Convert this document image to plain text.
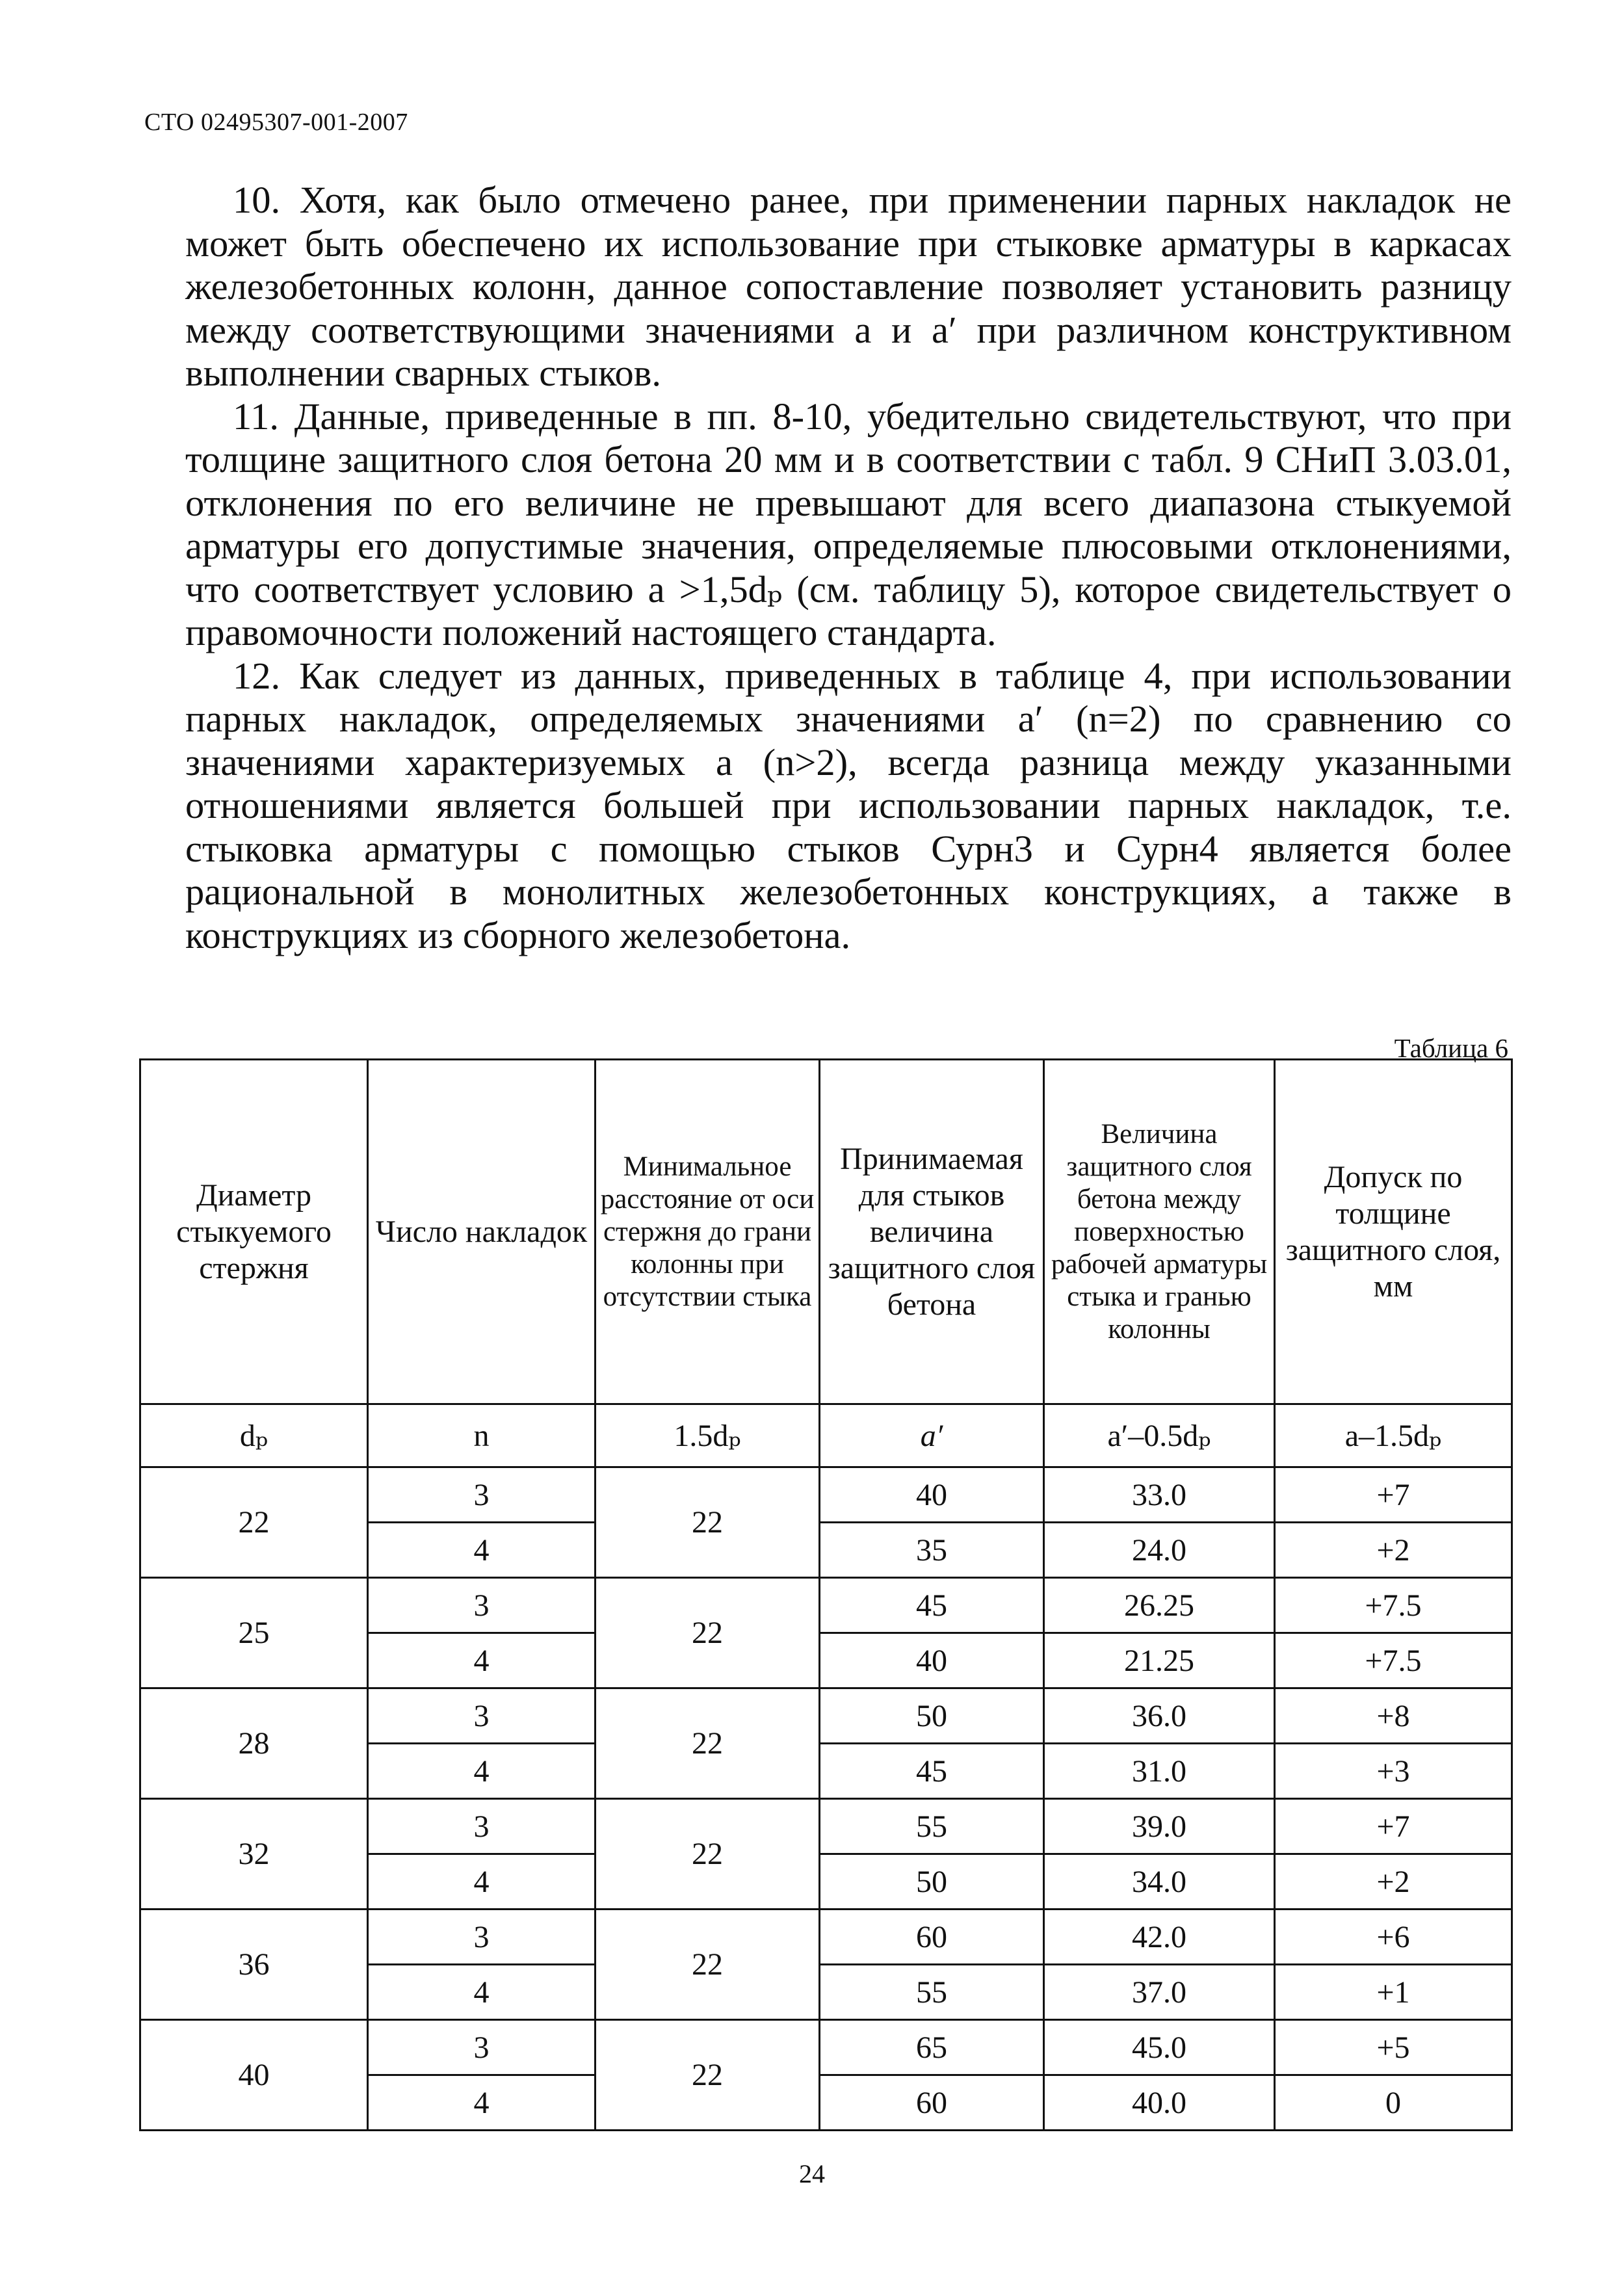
СТО 02495307-001-2007

10. Хотя, как было отмечено ранее, при применении парных накладок не может быть обеспечено их использование при стыковке арматуры в каркасах железобетонных колонн, данное сопоставление позволяет установить разницу между соответствующими значениями a и a′ при различном конструктивном выполнении сварных стыков.

11. Данные, приведенные в пп. 8-10, убедительно свидетельствуют, что при толщине защитного слоя бетона 20 мм и в соответствии с табл. 9 СНиП 3.03.01, отклонения по его величине не превышают для всего диапазона стыкуемой арматуры его допустимые значения, определяемые плюсовыми отклонениями, что соответствует условию a >1,5dₚ (см. таблицу 5), которое свидетельствует о правомочности положений настоящего стандарта.

12. Как следует из данных, приведенных в таблице 4, при использовании парных накладок, определяемых значениями a′ (n=2) по сравнению со значениями характеризуемых a (n>2), всегда разница между указанными отношениями является большей при использовании парных накладок, т.е. стыковка арматуры с помощью стыков Сурн3 и Сурн4 является более рациональной в монолитных железобетонных конструкциях, а также в конструкциях из сборного железобетона.

Таблица 6
Диаметр стыкуемого стержня	Число накладок	Минимальное расстояние от оси стержня до грани колонны при отсутствии стыка	Принимаемая для стыков величина защитного слоя бетона	Величина защитного слоя бетона между поверхностью рабочей арматуры стыка и гранью колонны	Допуск по толщине защитного слоя, мм
dₚ	n	1.5dₚ	a′	a′–0.5dₚ	a–1.5dₚ
22	3	22	40	33.0	+7
	4		35	24.0	+2
25	3	22	45	26.25	+7.5
	4		40	21.25	+7.5
28	3	22	50	36.0	+8
	4		45	31.0	+3
32	3	22	55	39.0	+7
	4		50	34.0	+2
36	3	22	60	42.0	+6
	4		55	37.0	+1
40	3	22	65	45.0	+5
	4		60	40.0	0
24
